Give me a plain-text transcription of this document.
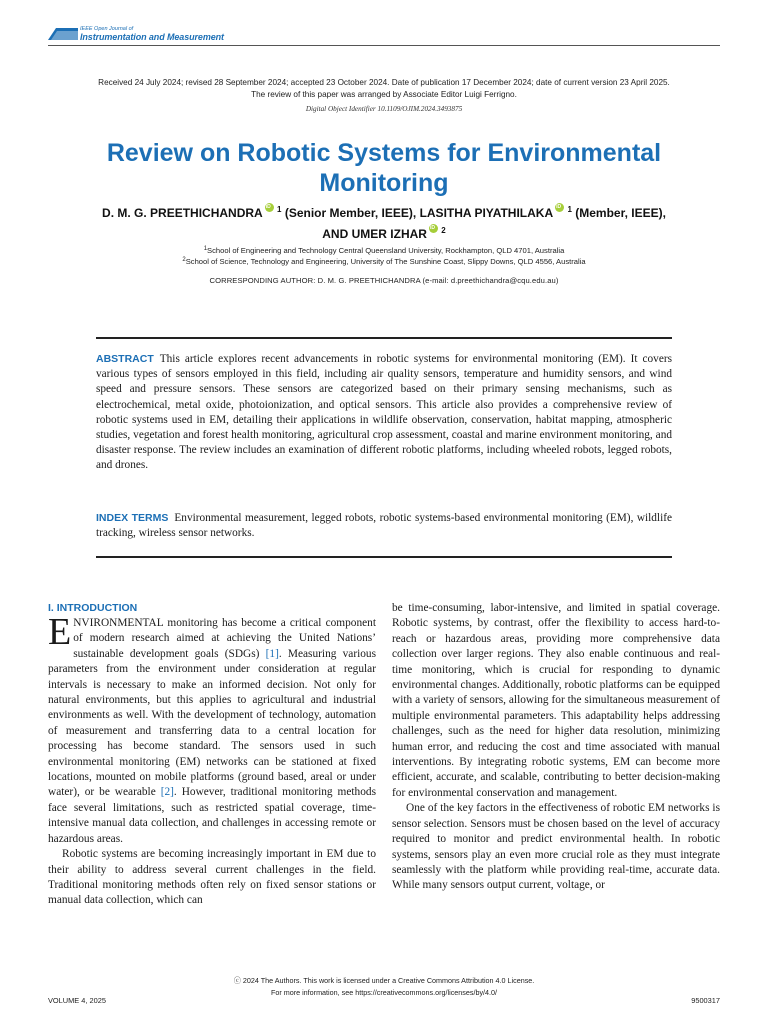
IEEE Open Journal of
Instrumentation and Measurement
Received 24 July 2024; revised 28 September 2024; accepted 23 October 2024. Date of publication 17 December 2024; date of current version 23 April 2025.
The review of this paper was arranged by Associate Editor Luigi Ferrigno.
Digital Object Identifier 10.1109/OJIM.2024.3493875
Review on Robotic Systems for Environmental Monitoring
D. M. G. PREETHICHANDRA iD $^1$ (Senior Member, IEEE), LASITHA PIYATHILAKA iD $^1$ (Member, IEEE),
AND UMER IZHAR iD $^2$
$^1$School of Engineering and Technology Central Queensland University, Rockhampton, QLD 4701, Australia
$^2$School of Science, Technology and Engineering, University of The Sunshine Coast, Slippy Downs, QLD 4556, Australia
CORRESPONDING AUTHOR: D. M. G. PREETHICHANDRA (e-mail: d.preethichandra@cqu.edu.au)
ABSTRACT This article explores recent advancements in robotic systems for environmental monitoring (EM). It covers various types of sensors employed in this field, including air quality sensors, temperature and humidity sensors, and wind speed and pressure sensors. These sensors are categorized based on their primary sensing mechanisms, such as electrochemical, metal oxide, photoionization, and optical sensors. This article also provides a comprehensive review of robotic systems used in EM, detailing their applications in wildlife observation, conservation, habitat mapping, atmospheric studies, vegetation and forest health monitoring, agricultural crop assessment, coastal and marine environment monitoring, and disaster response. The review includes an examination of different robotic platforms, including wheeled robots, legged robots, and drones.
INDEX TERMS Environmental measurement, legged robots, robotic systems-based environmental monitoring (EM), wildlife tracking, wireless sensor networks.
I. INTRODUCTION

ENVIRONMENTAL monitoring has become a critical component of modern research aimed at achieving the United Nations’ sustainable development goals (SDGs) [1]. Measuring various parameters from the environment under consideration at regular intervals is necessary to make an informed decision. Not only for natural environments, but this applies to agricultural and industrial environments as well. With the development of technology, automation of measurement and transferring data to a central location for processing has become standard. The sensors used in such environmental monitoring (EM) networks can be stationed at fixed locations, mounted on mobile platforms (ground based, areal or under water), or be wearable [2]. However, traditional monitoring methods face several limitations, such as restricted spatial coverage, time-intensive manual data collection, and challenges in accessing remote or hazardous areas.

Robotic systems are becoming increasingly important in EM due to their ability to address several current challenges in the field. Traditional monitoring methods often rely on fixed sensor stations or manual data collection, which can

be time-consuming, labor-intensive, and limited in spatial coverage. Robotic systems, by contrast, offer the flexibility to access hard-to-reach or hazardous areas, providing more comprehensive data collection over larger regions. They also enable continuous and real-time monitoring, which is crucial for responding to dynamic environmental changes. Additionally, robotic platforms can be equipped with a variety of sensors, allowing for the simultaneous measurement of multiple environmental parameters. This adaptability helps addressing challenges, such as the need for higher data resolution, minimizing human error, and reducing the cost and time associated with manual interventions. By integrating robotic systems, EM can become more efficient, accurate, and scalable, contributing to better decision-making for environmental conservation and management.

One of the key factors in the effectiveness of robotic EM networks is sensor selection. Sensors must be chosen based on the level of accuracy required to monitor and predict environmental health. In robotic systems, sensors play an even more crucial role as they must integrate seamlessly with the platform while providing real-time, accurate data. While many sensors output current, voltage, or

ⓒ 2024 The Authors. This work is licensed under a Creative Commons Attribution 4.0 License.
For more information, see https://creativecommons.org/licenses/by/4.0/
VOLUME 4, 2025	9500317
